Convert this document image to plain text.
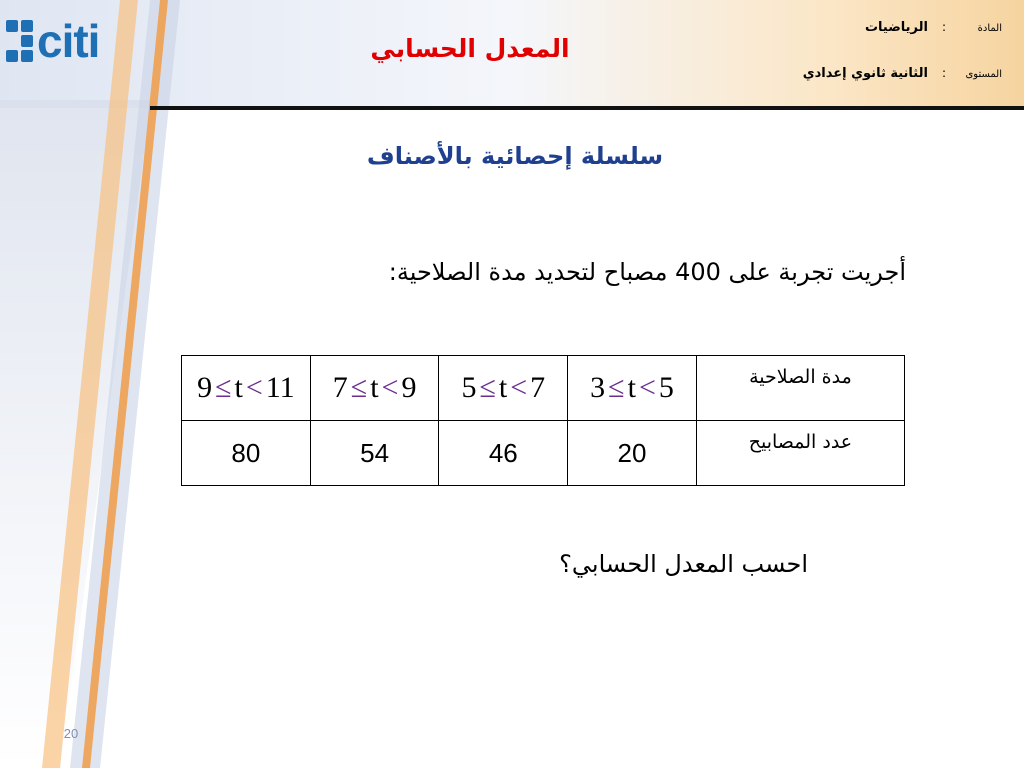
citi	المعدل الحسابي
المادة
:
الرياضيات
المستوى
:
الثانية ثانوي إعدادي
سلسلة إحصائية بالأصناف
أجريت تجربة على 400 مصباح لتحديد مدة الصلاحية:
مدة الصلاحية	3 ≤ t < 5	5 ≤ t < 7	7 ≤ t < 9	9 ≤ t < 11
عدد المصابيح	20	46	54	80
احسب المعدل الحسابي؟
20
